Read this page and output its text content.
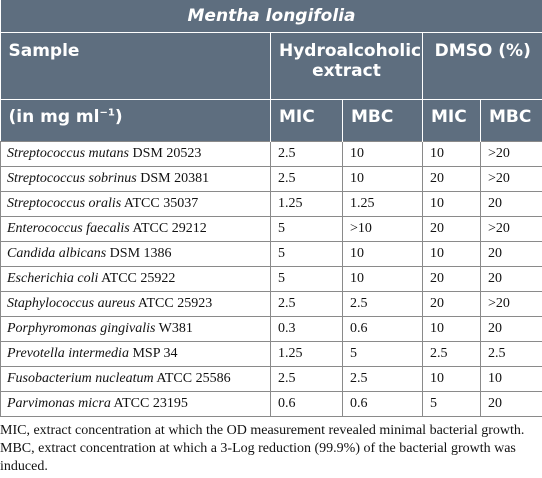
Mentha longifolia				
Sample	Hydroalcoholic extract		DMSO (%)	
(in mg $ml^{-1}$)	MIC	MBC	MIC	MBC
Streptococcus mutans DSM 20523	2.5	10	10	>20
Streptococcus sobrinus DSM 20381	2.5	10	20	>20
Streptococcus oralis ATCC 35037	1.25	1.25	10	20
Enterococcus faecalis ATCC 29212	5	>10	20	>20
Candida albicans DSM 1386	5	10	10	20
Escherichia coli ATCC 25922	5	10	20	20
Staphylococcus aureus ATCC 25923	2.5	2.5	20	>20
Porphyromonas gingivalis W381	0.3	0.6	10	20
Prevotella intermedia MSP 34	1.25	5	2.5	2.5
Fusobacterium nucleatum ATCC 25586	2.5	2.5	10	10
Parvimonas micra ATCC 23195	0.6	0.6	5	20

MIC, extract concentration at which the OD measurement revealed minimal bacterial growth. MBC, extract concentration at which a 3-Log reduction (99.9%) of the bacterial growth was induced.
